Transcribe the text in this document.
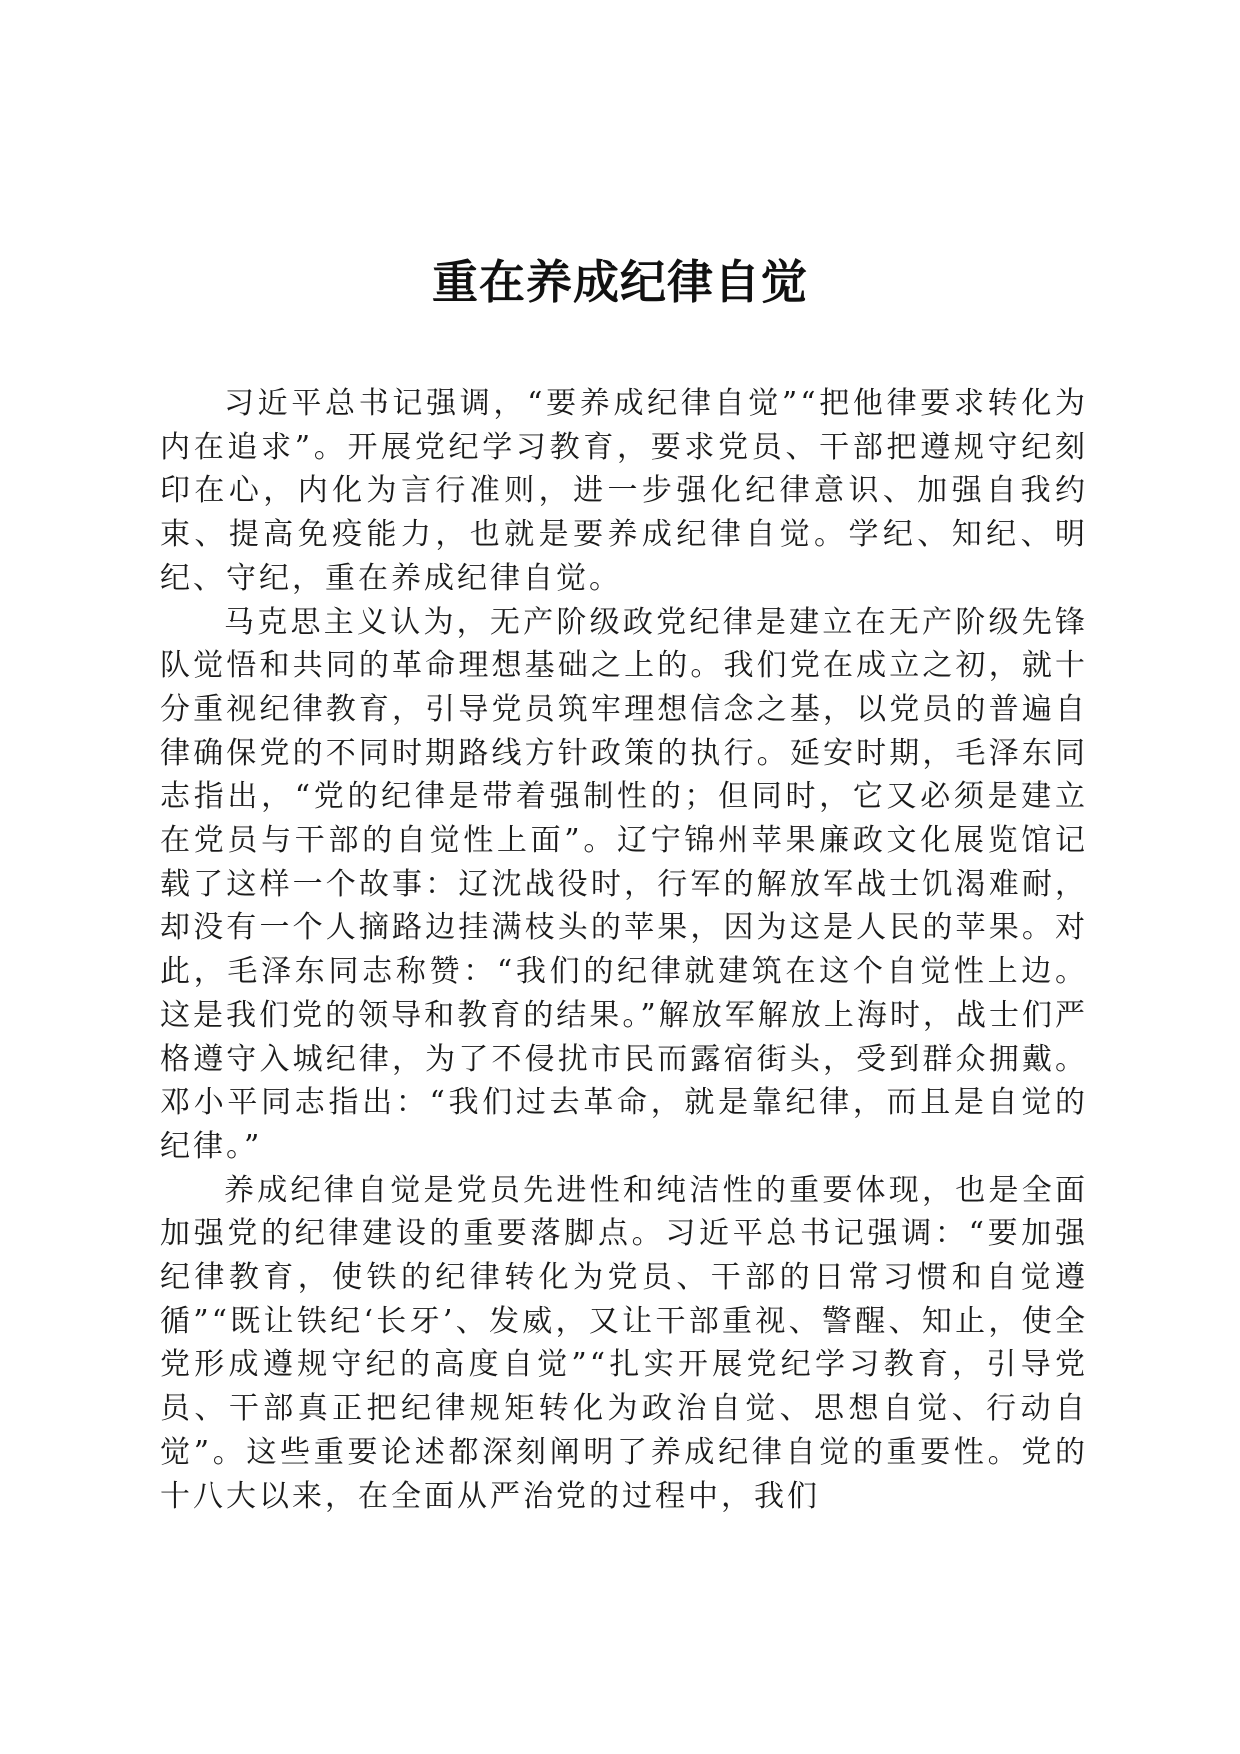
重在养成纪律自觉

习近平总书记强调，“要养成纪律自觉”“把他律要求转化为内在追求”。开展党纪学习教育，要求党员、干部把遵规守纪刻印在心，内化为言行准则，进一步强化纪律意识、加强自我约束、提高免疫能力，也就是要养成纪律自觉。学纪、知纪、明纪、守纪，重在养成纪律自觉。

马克思主义认为，无产阶级政党纪律是建立在无产阶级先锋队觉悟和共同的革命理想基础之上的。我们党在成立之初，就十分重视纪律教育，引导党员筑牢理想信念之基，以党员的普遍自律确保党的不同时期路线方针政策的执行。延安时期，毛泽东同志指出，“党的纪律是带着强制性的；但同时，它又必须是建立在党员与干部的自觉性上面”。辽宁锦州苹果廉政文化展览馆记载了这样一个故事：辽沈战役时，行军的解放军战士饥渴难耐，却没有一个人摘路边挂满枝头的苹果，因为这是人民的苹果。对此，毛泽东同志称赞：“我们的纪律就建筑在这个自觉性上边。这是我们党的领导和教育的结果。”解放军解放上海时，战士们严格遵守入城纪律，为了不侵扰市民而露宿街头，受到群众拥戴。邓小平同志指出：“我们过去革命，就是靠纪律，而且是自觉的纪律。”

养成纪律自觉是党员先进性和纯洁性的重要体现，也是全面加强党的纪律建设的重要落脚点。习近平总书记强调：“要加强纪律教育，使铁的纪律转化为党员、干部的日常习惯和自觉遵循”“既让铁纪‘长牙’、发威，又让干部重视、警醒、知止，使全党形成遵规守纪的高度自觉”“扎实开展党纪学习教育，引导党员、干部真正把纪律规矩转化为政治自觉、思想自觉、行动自觉”。这些重要论述都深刻阐明了养成纪律自觉的重要性。党的十八大以来，在全面从严治党的过程中，我们
